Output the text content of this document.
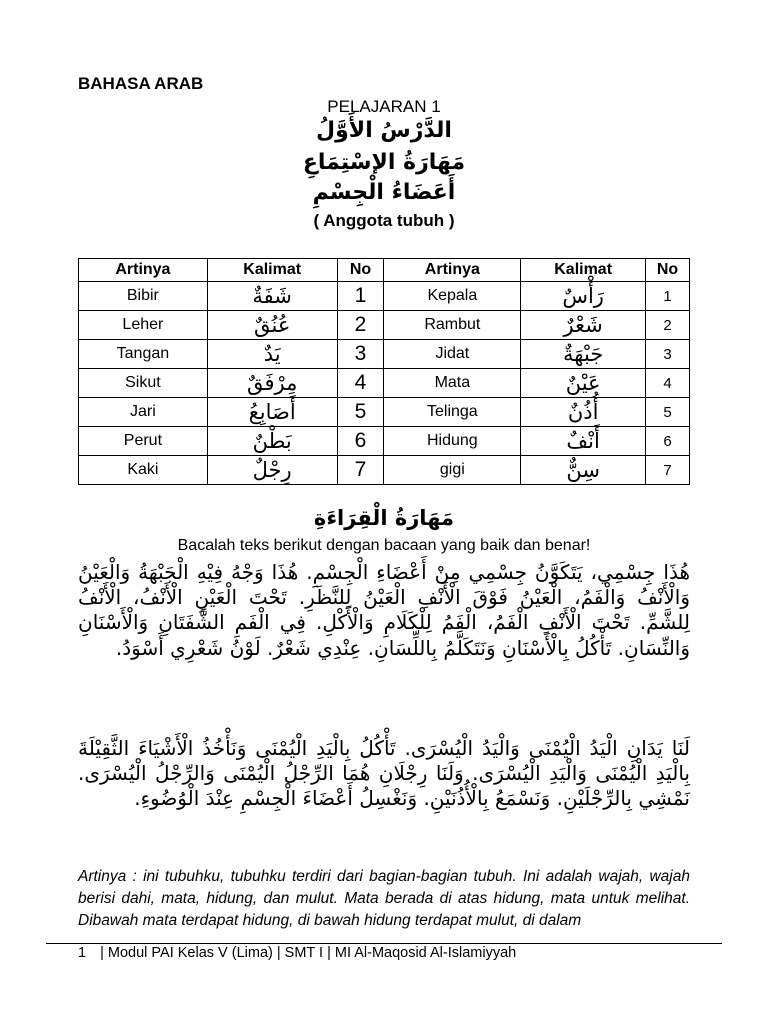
BAHASA ARAB
PELAJARAN 1
الدَّرْسُ الأَوَّلُ
مَهَارَةُ الإسْتِمَاعِ
أَعَضَاءُ الْجِسْمِ
( Anggota tubuh )
Artinya	Kalimat	No	Artinya	Kalimat	No
Bibir	شَفَةٌ	1	Kepala	رَأْسٌ	1
Leher	عُنُقٌ	2	Rambut	شَعْرٌ	2
Tangan	يَدٌ	3	Jidat	جَبْهَةٌ	3
Sikut	مِرْفَقٌ	4	Mata	عَيْنٌ	4
Jari	أَصَابِعُ	5	Telinga	أُذُنٌ	5
Perut	بَطْنٌ	6	Hidung	أَنْفٌ	6
Kaki	رِجْلٌ	7	gigi	سِنٌّ	7
مَهَارَةُ الْقِرَاءَةِ
Bacalah teks berikut dengan bacaan yang baik dan benar!
هُذَا جِسْمِي، يَتَكَوَّنُ جِسْمِي مِنْ أَعْضَاءِ الْجِسْمِ. هُذَا وَجْهُ فِيْهِ الْجَبْهَةُ وَالْعَيْنُ وَالْأَنْفُ وَالْفَمُ، الْعَيْنُ فَوْقَ الْأَنْفِ الْعَيْنُ لِلنَّظَرِ. تَحْتَ الْعَيْنِ الْأَنْفُ، الْأَنْفُ لِلشَّمِّ. تَحْتَ الْأَنْفِ الْفَمُ، الْفَمُ لِلْكَلَامِ وَالْأَكْلِ. فِي الْفَمِ الشَّفَتَانِ وَالْأَسْنَانِ وَالنِّسَانِ. تَأْكُلُ بِالْأَسْنَانِ وَنَتَكَلَّمُ بِاللِّسَانِ. عِنْدِي شَعْرٌ. لَوْنُ شَعْرِي أَسْوَدُ.
لَنَا يَدَانِ الْيَدُ الْيُمْنَى وَالْيَدُ الْيُسْرَى. تَأْكُلُ بِالْيَدِ الْيُمْنَى وَنَأْخُذُ الْأَشْيَاءَ الثَّقِيْلَةَ بِالْيَدِ الْيُمْنَى وَالْيَدِ الْيُسْرَى. وَلَنَا رِجْلَانِ هُمَا الرِّجْلُ الْيُمْنَى وَالرِّجْلُ الْيُسْرَى. نَمْشِي بِالرِّجْلَيْنِ. وَنَسْمَعُ بِالْأُذُنَيْنِ. وَنَغْسِلُ أَعْضَاءَ الْجِسْمِ عِنْدَ الْوُضُوءِ.
Artinya : ini tubuhku, tubuhku terdiri dari bagian-bagian tubuh. Ini adalah wajah, wajah berisi dahi, mata, hidung, dan mulut. Mata berada di atas hidung, mata untuk melihat. Dibawah mata terdapat hidung, di bawah hidung terdapat mulut, di dalam
1 | Modul PAI Kelas V (Lima) | SMT I | MI Al-Maqosid Al-Islamiyyah
